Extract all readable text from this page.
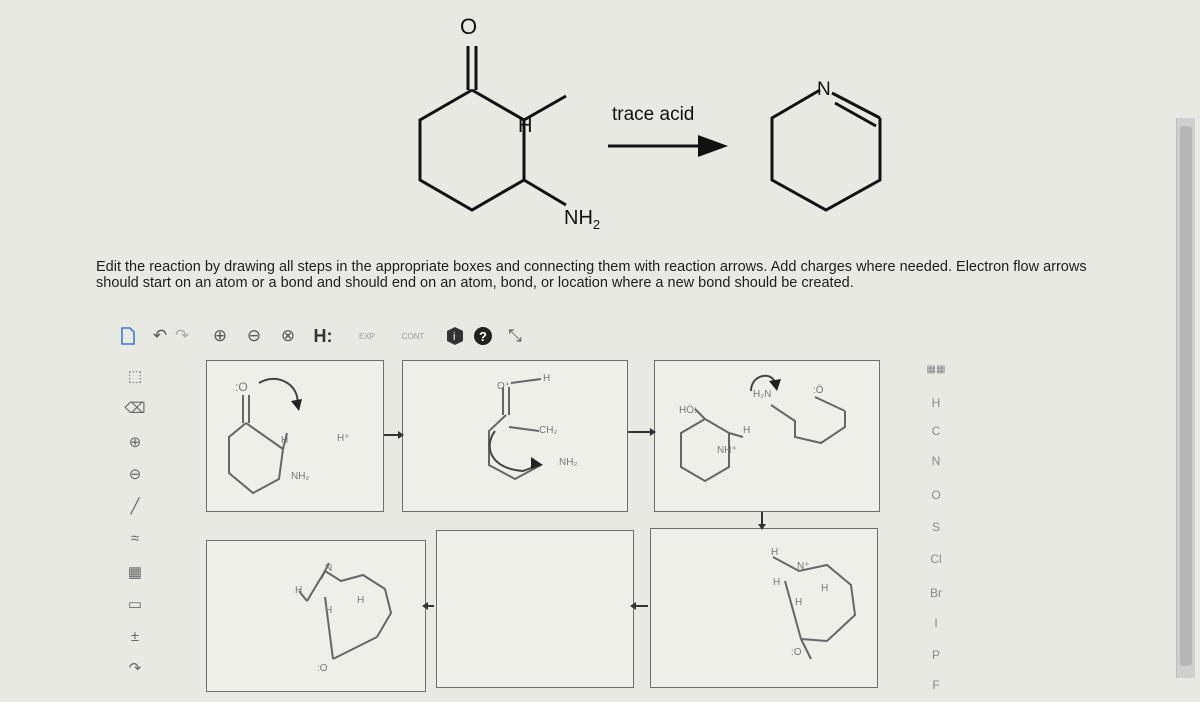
O
H
$NH_2$
trace acid
N
Edit the reaction by drawing all steps in the appropriate boxes and connecting them with reaction arrows. Add charges where needed. Electron flow arrows should start on an atom or a bond and should end on an atom, bond, or location where a new bond should be created.
↶ ↷ ⊕ ⊖ ⊗	H:	EXP	CONT	i ?	⤡
⬚
⌫
⊕
⊖
╱
≈
▦
▭
±
↷
▦▦
H
C
N
O
S
Cl
Br
I
P
F
:O
H	H⁺
NH₂
O⁺
H
CH₂
NH₂
HÖ:
H₂N
H
NH⁺
:Ö
H
N
H
H
:O
H
H
N⁺
H
H
:O
